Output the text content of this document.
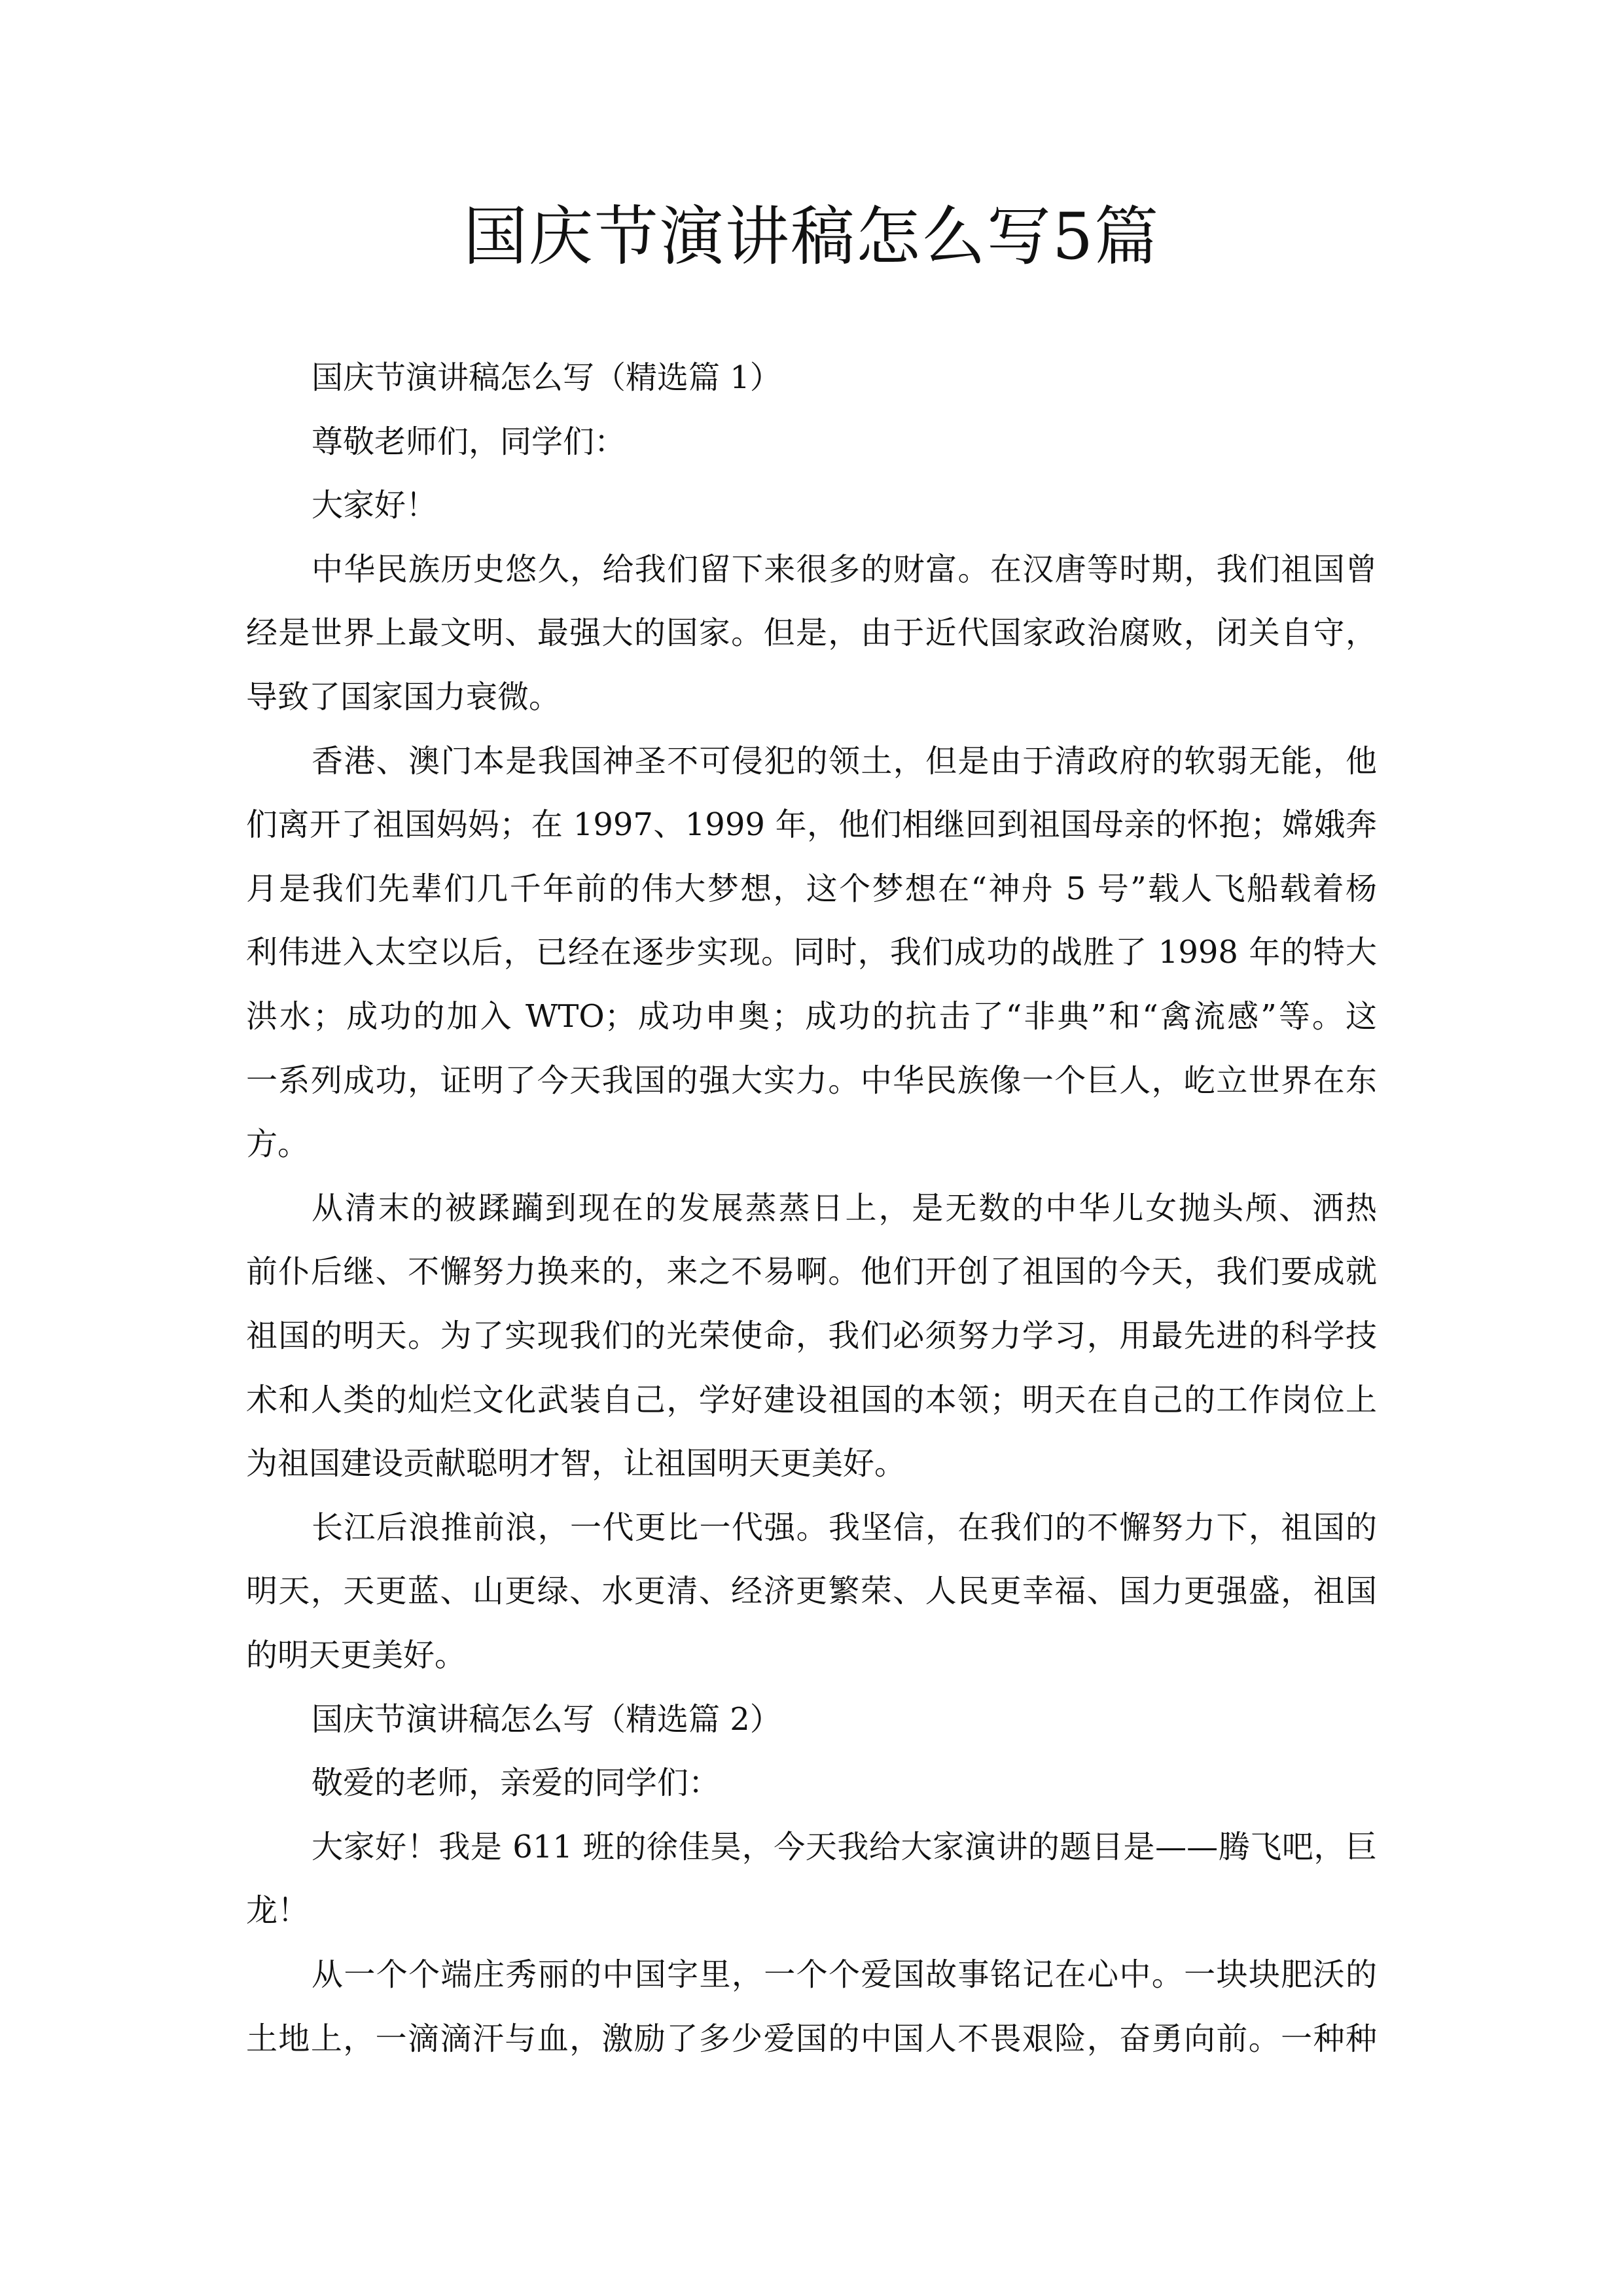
国庆节演讲稿怎么写5篇
国庆节演讲稿怎么写（精选篇 1）
尊敬老师们，同学们：
大家好！
中华民族历史悠久，给我们留下来很多的财富。在汉唐等时期，我们祖国曾
经是世界上最文明、最强大的国家。但是，由于近代国家政治腐败，闭关自守，
导致了国家国力衰微。
香港、澳门本是我国神圣不可侵犯的领土，但是由于清政府的软弱无能，他
们离开了祖国妈妈；在 1997、1999 年，他们相继回到祖国母亲的怀抱；嫦娥奔
月是我们先辈们几千年前的伟大梦想，这个梦想在“神舟 5 号”载人飞船载着杨
利伟进入太空以后，已经在逐步实现。同时，我们成功的战胜了 1998 年的特大
洪水；成功的加入 WTO；成功申奥；成功的抗击了“非典”和“禽流感”等。这
一系列成功，证明了今天我国的强大实力。中华民族像一个巨人，屹立世界在东
方。
从清末的被蹂躏到现在的发展蒸蒸日上，是无数的中华儿女抛头颅、洒热
前仆后继、不懈努力换来的，来之不易啊。他们开创了祖国的今天，我们要成就
祖国的明天。为了实现我们的光荣使命，我们必须努力学习，用最先进的科学技
术和人类的灿烂文化武装自己，学好建设祖国的本领；明天在自己的工作岗位上
为祖国建设贡献聪明才智，让祖国明天更美好。
长江后浪推前浪，一代更比一代强。我坚信，在我们的不懈努力下，祖国的
明天，天更蓝、山更绿、水更清、经济更繁荣、人民更幸福、国力更强盛，祖国
的明天更美好。
国庆节演讲稿怎么写（精选篇 2）
敬爱的老师，亲爱的同学们：
大家好！我是 611 班的徐佳昊，今天我给大家演讲的题目是——腾飞吧，巨
龙！
从一个个端庄秀丽的中国字里，一个个爱国故事铭记在心中。一块块肥沃的
土地上，一滴滴汗与血，激励了多少爱国的中国人不畏艰险，奋勇向前。一种种
